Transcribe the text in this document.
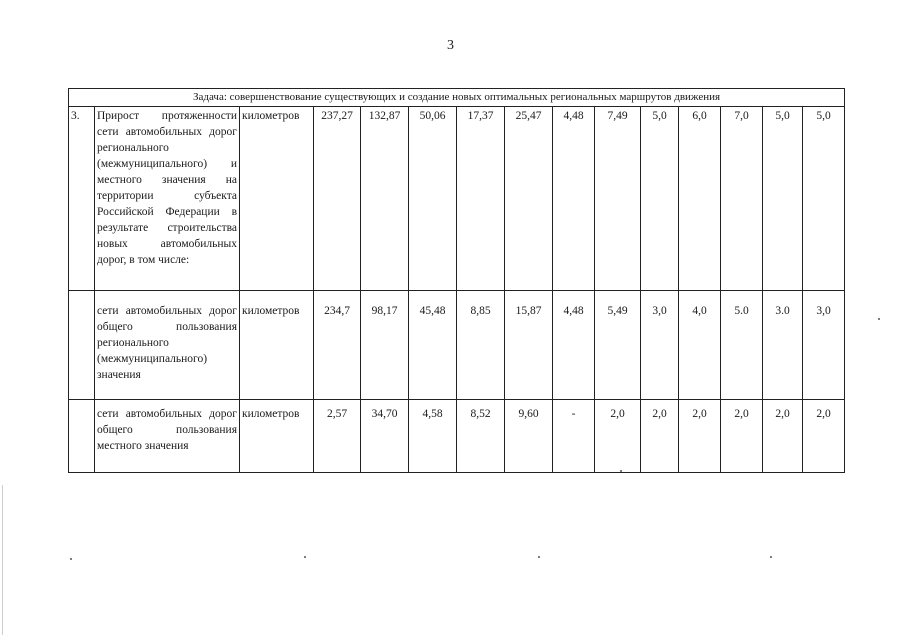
3
Задача: совершенствование существующих и создание новых оптимальных региональных маршрутов движения														
3.	Прирост протяженности сети автомобильных дорог регионального (межмуниципального) и местного значения на территории субъекта Российской Федерации в результате строительства новых автомобильных дорог, в том числе:	километров	237,27	132,87	50,06	17,37	25,47	4,48	7,49	5,0	6,0	7,0	5,0	5,0
	сети автомобильных дорог общего пользования регионального (межмуниципального) значения	километров	234,7	98,17	45,48	8,85	15,87	4,48	5,49	3,0	4,0	5.0	3.0	3,0
	сети автомобильных дорог общего пользования местного значения	километров	2,57	34,70	4,58	8,52	9,60	-	2,0	2,0	2,0	2,0	2,0	2,0
